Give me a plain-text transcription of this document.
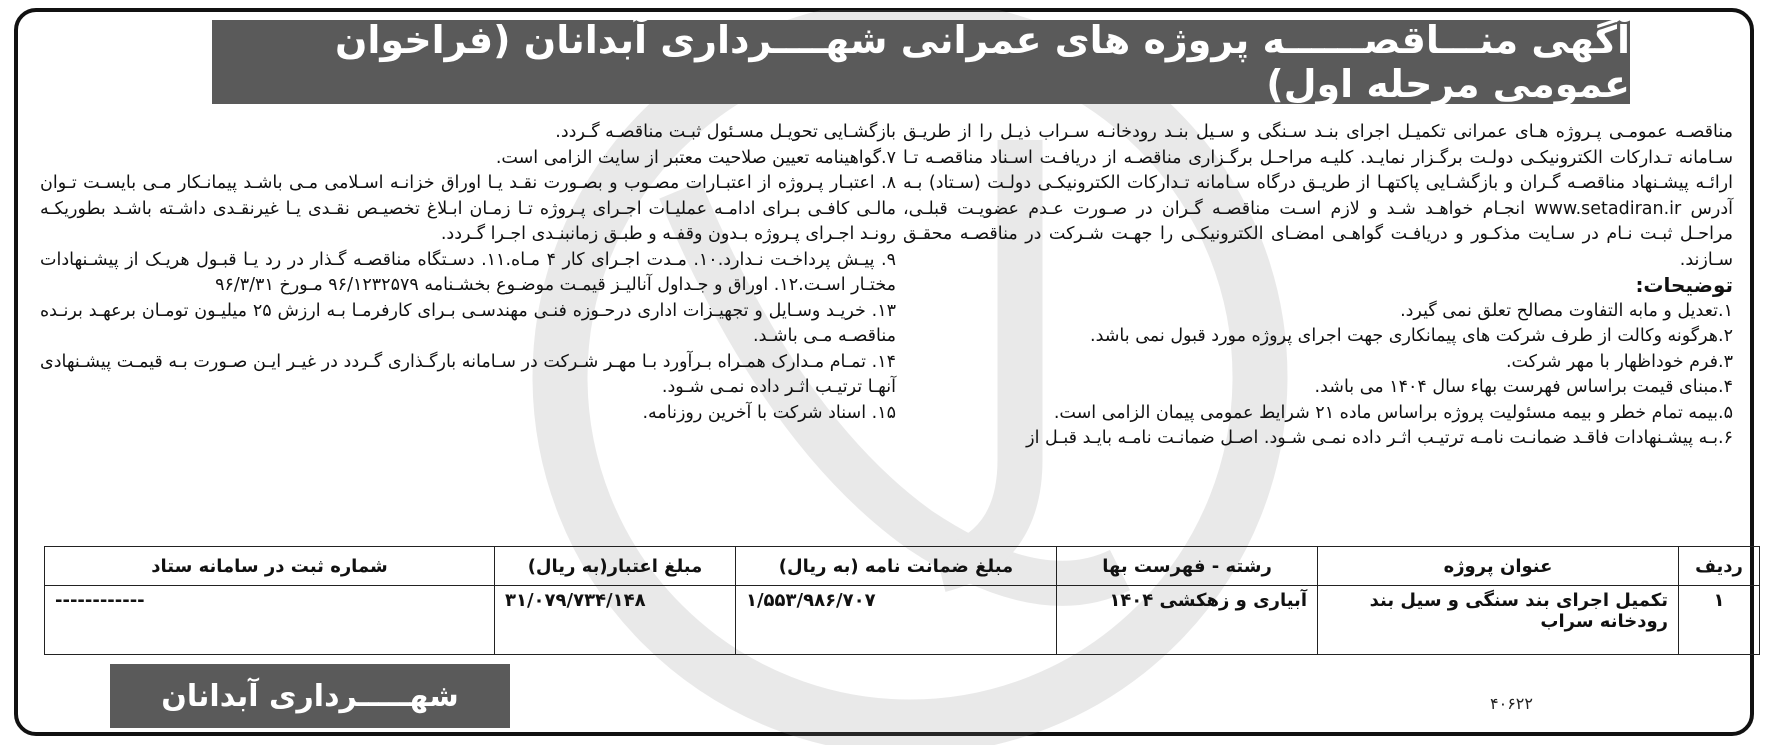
آگهی منـــاقصــــــه پروژه های عمرانی شهــــرداری آبدانان (فراخوان عمومی مرحله اول)

مناقصـه عمومـی پـروژه هـای عمرانی تکمیـل اجرای بنـد سـنگی و سـیل بنـد رودخانـه سـراب ذیـل را از طریـق سـامانه تـدارکات الکترونیکـی دولـت برگـزار نمایـد. کلیـه مراحـل برگـزاری مناقصـه از دریافـت اسـناد مناقصـه تـا ارائـه پیشـنهاد مناقصـه گـران و بازگشـایی پاکتهـا از طریـق درگاه سـامانه تـدارکات الکترونیکـی دولـت (سـتاد) بـه آدرس www.setadiran.ir انجـام خواهـد شـد و لازم اسـت مناقصـه گـران در صـورت عـدم عضویـت قبلـی، مراحـل ثبـت نـام در سـایت مذکـور و دریافـت گواهـی امضـای الکترونیکـی را جهـت شـرکت در مناقصـه محقـق سـازند.

توضیحات:

۱.تعدیل و مابه التفاوت مصالح تعلق نمی گیرد.

۲.هرگونه وکالت از طرف شرکت های پیمانکاری جهت اجرای پروژه مورد قبول نمی باشد.

۳.فرم خوداظهار با مهر شرکت.

۴.مبنای قیمت براساس فهرست بهاء سال ۱۴۰۴ می باشد.

۵.بیمه تمام خطر و بیمه مسئولیت پروژه براساس ماده ۲۱ شرایط عمومی پیمان الزامی است.

۶.بـه پیشـنهادات فاقـد ضمانـت نامـه ترتیـب اثـر داده نمـی شـود. اصـل ضمانـت نامـه بایـد قبـل از

بازگشـایی تحویـل مسـئول ثبـت مناقصـه گـردد.

۷.گواهینامه تعیین صلاحیت معتبر از سایت الزامی است.

۸. اعتبـار پـروژه از اعتبـارات مصـوب و بصـورت نقـد یـا اوراق خزانـه اسـلامی مـی باشـد پیمانـکار مـی بایسـت تـوان مالـی کافـی بـرای ادامـه عملیـات اجـرای پـروژه تـا زمـان ابـلاغ تخصیـص نقـدی یـا غیرنقـدی داشـته باشـد بطوریکـه رونـد اجـرای پـروژه بـدون وقفـه و طبـق زمانبنـدی اجـرا گـردد.

۹. پیـش پرداخـت نـدارد.۱۰. مـدت اجـرای کار ۴ مـاه.۱۱. دسـتگاه مناقصـه گـذار در رد یـا قبـول هریـک از پیشـنهادات مختـار اسـت.۱۲. اوراق و جـداول آنالیـز قیمـت موضـوع بخشـنامه ۹۶/۱۲۳۲۵۷۹ مـورخ ۹۶/۳/۳۱

۱۳. خریـد وسـایل و تجهیـزات اداری درحـوزه فنـی مهندسـی بـرای کارفرمـا بـه ارزش ۲۵ میلیـون تومـان برعهـد برنـده مناقصـه مـی باشـد.

۱۴. تمـام مـدارک همـراه بـرآورد بـا مهـر شـرکت در سـامانه بارگـذاری گـردد در غیـر ایـن صـورت بـه قیمـت پیشـنهادی آنهـا ترتیـب اثـر داده نمـی شـود.

۱۵. اسناد شرکت با آخرین روزنامه.

ردیف	عنوان پروژه	رشته - فهرست بها	مبلغ ضمانت نامه (به ریال)	مبلغ اعتبار(به ریال)	شماره ثبت در سامانه ستاد
۱	تکمیل اجرای بند سنگی و سیل بند رودخانه سراب	آبیاری و زهکشی ۱۴۰۴	۱/۵۵۳/۹۸۶/۷۰۷	۳۱/۰۷۹/۷۳۴/۱۴۸	------------
شهـــــرداری آبدانان	۴۰۶۲۲
